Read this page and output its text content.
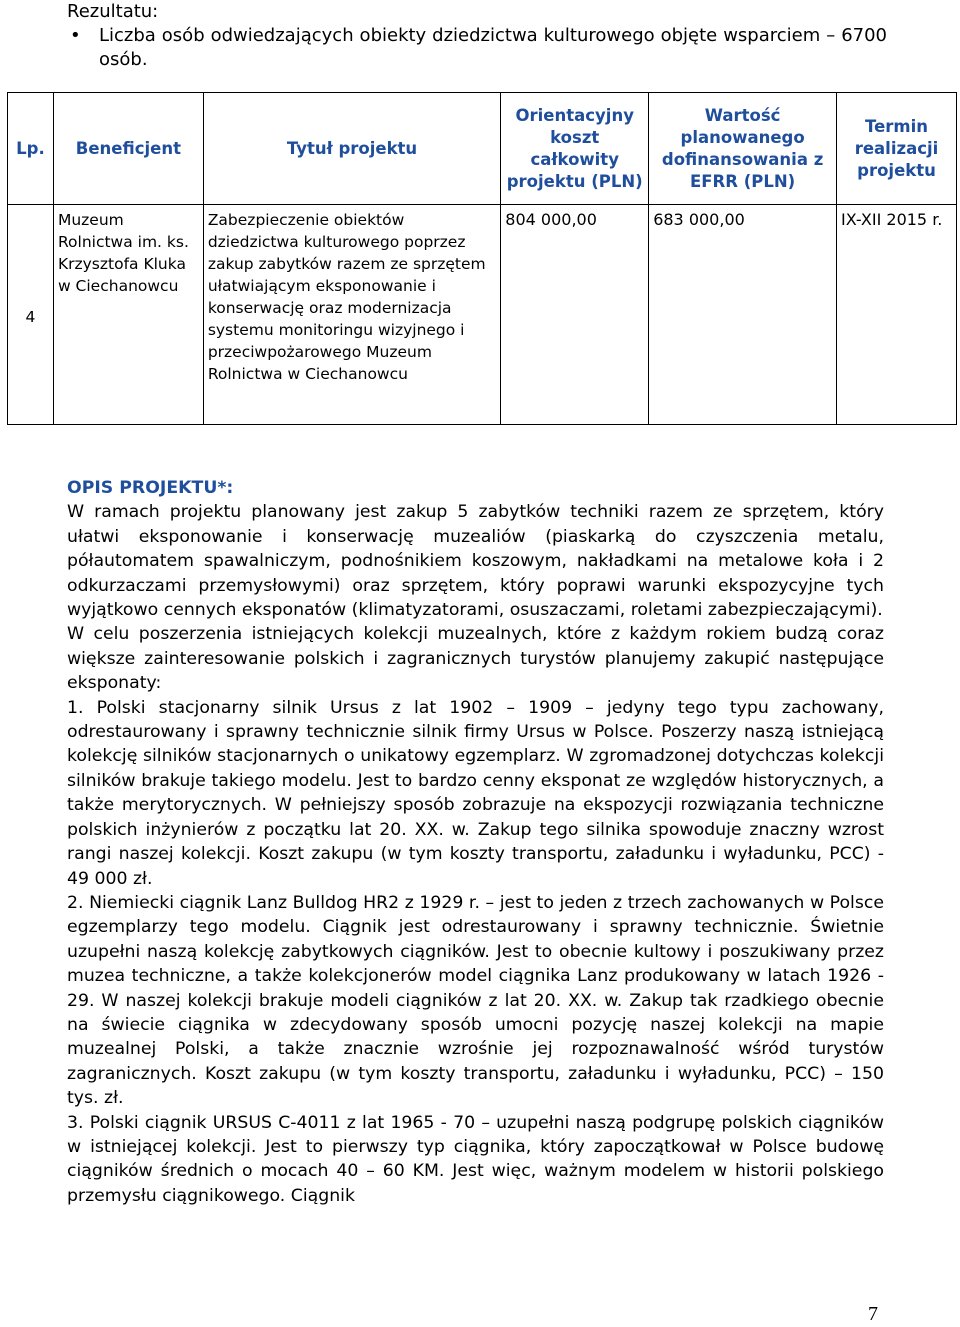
Rezultatu:
• Liczba osób odwiedzających obiekty dziedzictwa kulturowego objęte wsparciem – 6700 osób.
Lp.	Beneficjent	Tytuł projektu	Orientacyjny koszt całkowity projektu (PLN)	Wartość planowanego dofinansowania z EFRR (PLN)	Termin realizacji projektu
4	Muzeum Rolnictwa im. ks. Krzysztofa Kluka w Ciechanowcu	Zabezpieczenie obiektów dziedzictwa kulturowego poprzez zakup zabytków razem ze sprzętem ułatwiającym eksponowanie i konserwację oraz modernizacja systemu monitoringu wizyjnego i przeciwpożarowego Muzeum Rolnictwa w Ciechanowcu	804 000,00	683 000,00	IX-XII 2015 r.
OPIS PROJEKTU*:

W ramach projektu planowany jest zakup 5 zabytków techniki razem ze sprzętem, który ułatwi eksponowanie i konserwację muzealiów (piaskarką do czyszczenia metalu, półautomatem spawalniczym, podnośnikiem koszowym, nakładkami na metalowe koła i 2 odkurzaczami przemysłowymi) oraz sprzętem, który poprawi warunki ekspozycyjne tych wyjątkowo cennych eksponatów (klimatyzatorami, osuszaczami, roletami zabezpieczającymi).

W celu poszerzenia istniejących kolekcji muzealnych, które z każdym rokiem budzą coraz większe zainteresowanie polskich i zagranicznych turystów planujemy zakupić następujące eksponaty:

1. Polski stacjonarny silnik Ursus z lat 1902 – 1909 – jedyny tego typu zachowany, odrestaurowany i sprawny technicznie silnik firmy Ursus w Polsce. Poszerzy naszą istniejącą kolekcję silników stacjonarnych o unikatowy egzemplarz. W zgromadzonej dotychczas kolekcji silników brakuje takiego modelu. Jest to bardzo cenny eksponat ze względów historycznych, a także merytorycznych. W pełniejszy sposób zobrazuje na ekspozycji rozwiązania techniczne polskich inżynierów z początku lat 20. XX. w. Zakup tego silnika spowoduje znaczny wzrost rangi naszej kolekcji. Koszt zakupu (w tym koszty transportu, załadunku i wyładunku, PCC) - 49 000 zł.

2. Niemiecki ciągnik Lanz Bulldog HR2 z 1929 r. – jest to jeden z trzech zachowanych w Polsce egzemplarzy tego modelu. Ciągnik jest odrestaurowany i sprawny technicznie. Świetnie uzupełni naszą kolekcję zabytkowych ciągników. Jest to obecnie kultowy i poszukiwany przez muzea techniczne, a także kolekcjonerów model ciągnika Lanz produkowany w latach 1926 - 29. W naszej kolekcji brakuje modeli ciągników z lat 20. XX. w. Zakup tak rzadkiego obecnie na świecie ciągnika w zdecydowany sposób umocni pozycję naszej kolekcji na mapie muzealnej Polski, a także znacznie wzrośnie jej rozpoznawalność wśród turystów zagranicznych. Koszt zakupu (w tym koszty transportu, załadunku i wyładunku, PCC) – 150 tys. zł.

3. Polski ciągnik URSUS C-4011 z lat 1965 - 70 – uzupełni naszą podgrupę polskich ciągników w istniejącej kolekcji. Jest to pierwszy typ ciągnika, który zapoczątkował w Polsce budowę ciągników średnich o mocach 40 – 60 KM. Jest więc, ważnym modelem w historii polskiego przemysłu ciągnikowego. Ciągnik

7
